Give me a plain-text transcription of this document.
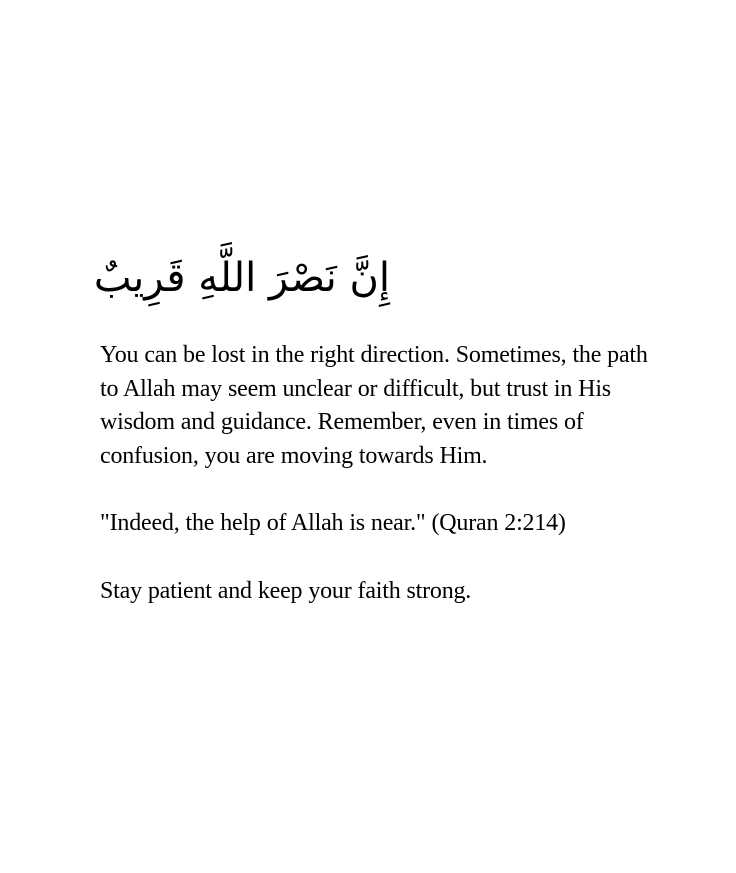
إِنَّ نَصْرَ اللَّهِ قَرِيبٌ

You can be lost in the right direction. Sometimes, the path to Allah may seem unclear or difficult, but trust in His wisdom and guidance. Remember, even in times of confusion, you are moving towards Him.

"Indeed, the help of Allah is near." (Quran 2:214)

Stay patient and keep your faith strong.
